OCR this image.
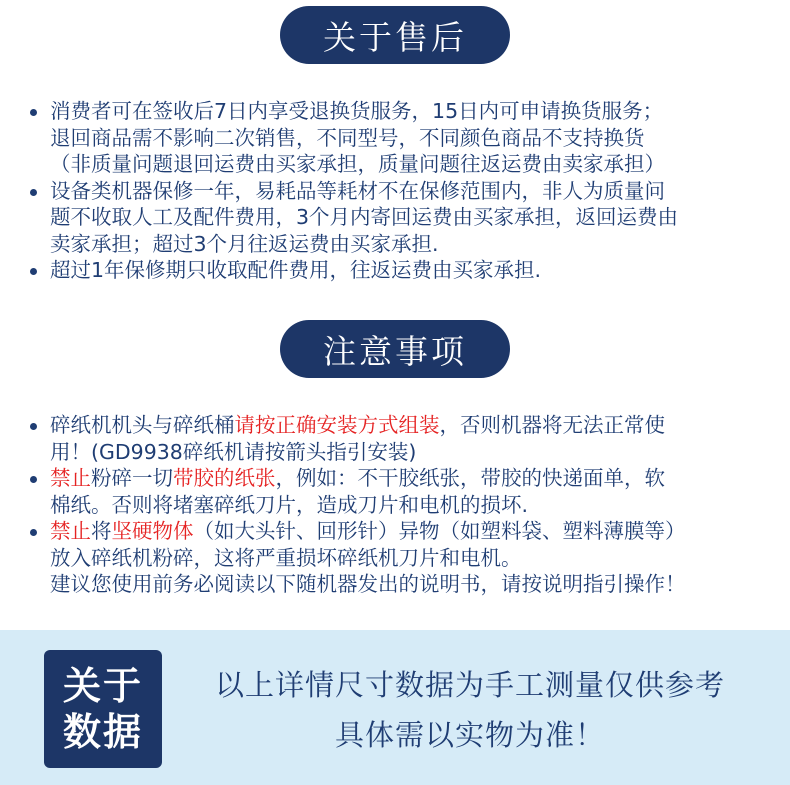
关于售后
消费者可在签收后7日内享受退换货服务，15日内可申请换货服务；
退回商品需不影响二次销售，不同型号，不同颜色商品不支持换货
（非质量问题退回运费由买家承担，质量问题往返运费由卖家承担）
设备类机器保修一年，易耗品等耗材不在保修范围内，非人为质量问
题不收取人工及配件费用，3个月内寄回运费由买家承担，返回运费由
卖家承担；超过3个月往返运费由买家承担.
超过1年保修期只收取配件费用，往返运费由买家承担.
注意事项
碎纸机机头与碎纸桶请按正确安装方式组装，否则机器将无法正常使
用！(GD9938碎纸机请按箭头指引安装)
禁止粉碎一切带胶的纸张，例如：不干胶纸张，带胶的快递面单，软
棉纸。否则将堵塞碎纸刀片，造成刀片和电机的损坏.
禁止将坚硬物体（如大头针、回形针）异物（如塑料袋、塑料薄膜等）
放入碎纸机粉碎，这将严重损坏碎纸机刀片和电机。
建议您使用前务必阅读以下随机器发出的说明书，请按说明指引操作！
关于
数据
以上详情尺寸数据为手工测量仅供参考
具体需以实物为准！
